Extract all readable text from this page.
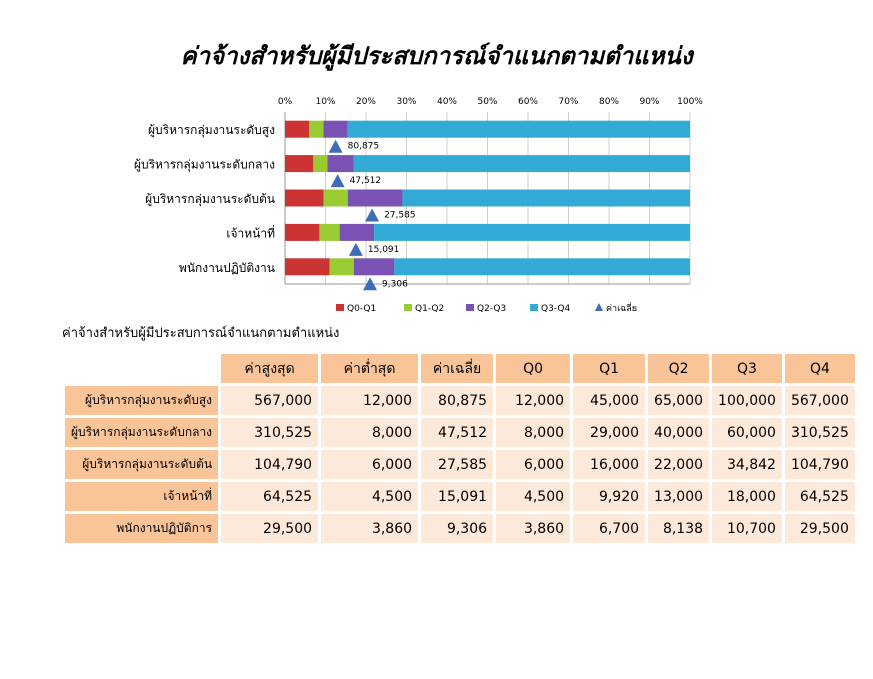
ค่าจ้างสำหรับผู้มีประสบการณ์จำแนกตามตำแหน่ง
0%	10% 20% 30% 40% 50% 60% 70% 80% 90% 100%
ผู้บริหารกลุ่มงานระดับสูง
80,875
ผู้บริหารกลุ่มงานระดับกลาง
47,512
ผู้บริหารกลุ่มงานระดับต้น
27,585
เจ้าหน้าที่
15,091
พนักงานปฏิบัติงาน
9,306
Q0-Q1	Q1-Q2	Q2-Q3	Q3-Q4	ค่าเฉลี่ย
ค่าจ้างสำหรับผู้มีประสบการณ์จำแนกตามตำแหน่ง
	ค่าสูงสุด	ค่าต่ำสุด	ค่าเฉลี่ย	Q0	Q1	Q2	Q3	Q4
ผู้บริหารกลุ่มงานระดับสูง	567,000	12,000	80,875	12,000	45,000	65,000	100,000	567,000
ผู้บริหารกลุ่มงานระดับกลาง	310,525	8,000	47,512	8,000	29,000	40,000	60,000	310,525
ผู้บริหารกลุ่มงานระดับต้น	104,790	6,000	27,585	6,000	16,000	22,000	34,842	104,790
เจ้าหน้าที่	64,525	4,500	15,091	4,500	9,920	13,000	18,000	64,525
พนักงานปฏิบัติการ	29,500	3,860	9,306	3,860	6,700	8,138	10,700	29,500
